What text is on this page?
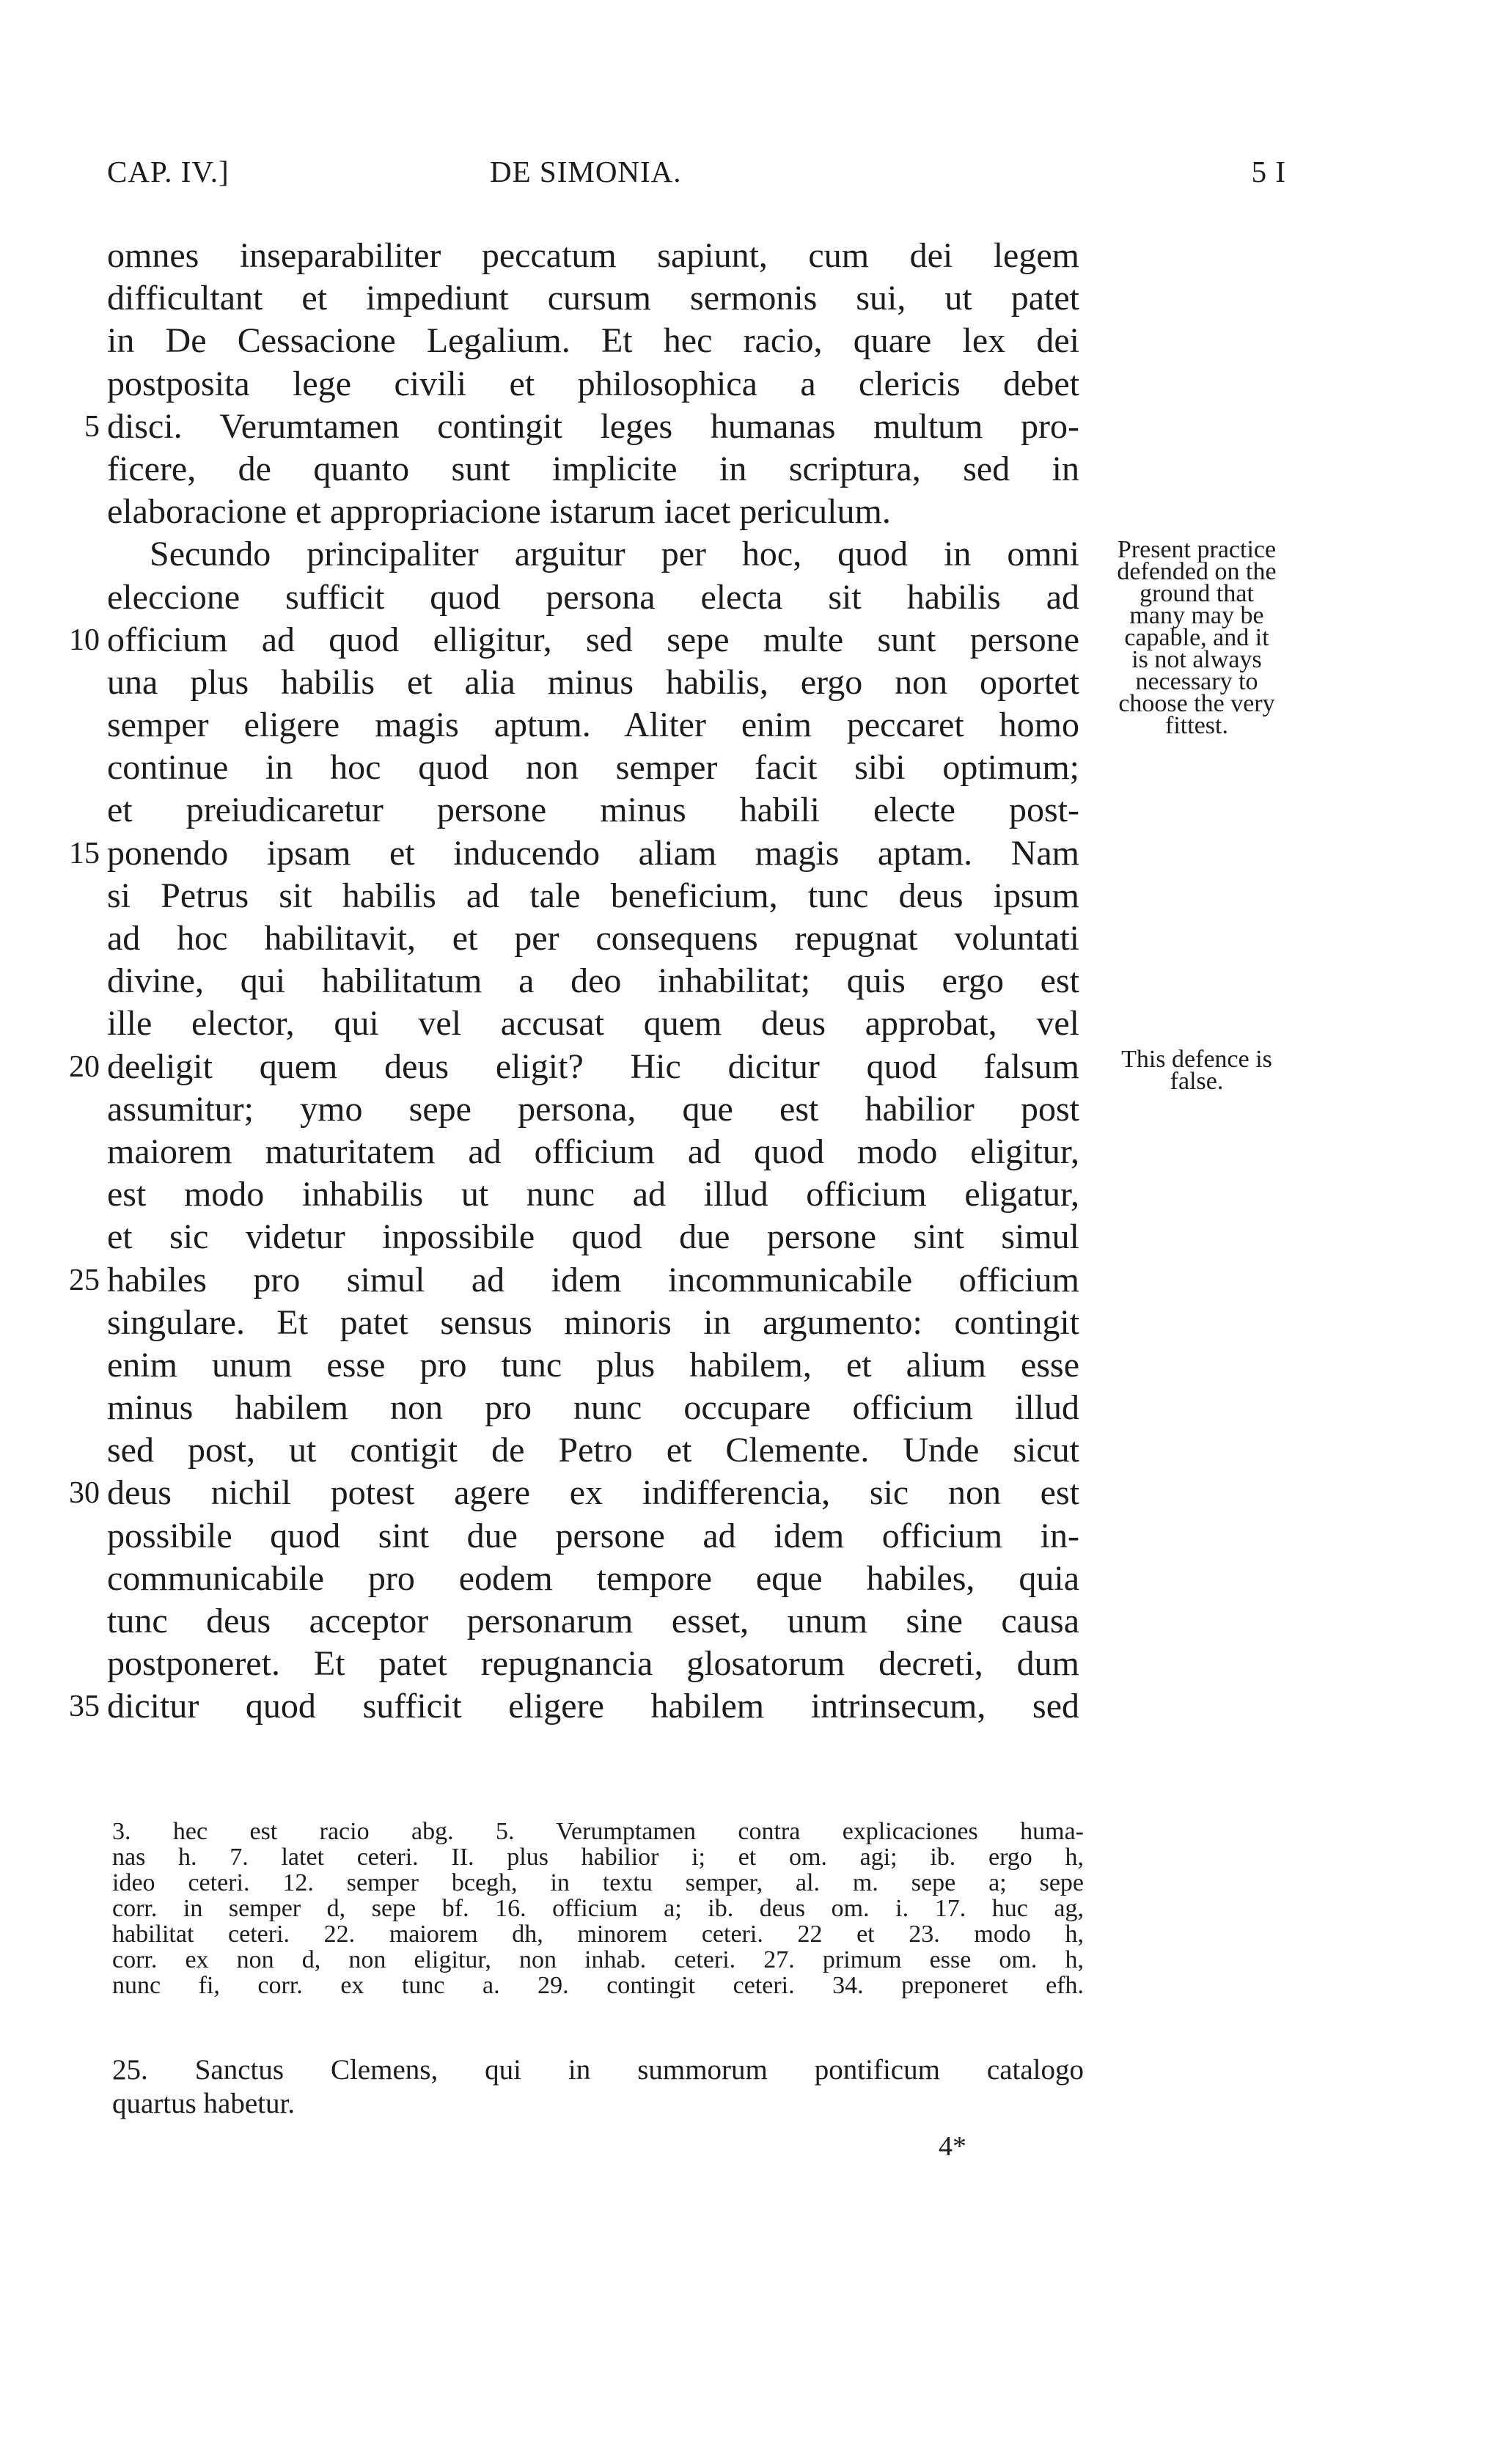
CAP. IV.]	DE SIMONIA.	5 I
omnes inseparabiliter peccatum sapiunt, cum dei legem
difficultant et impediunt cursum sermonis sui, ut patet
in De Cessacione Legalium. Et hec racio, quare lex dei
postposita lege civili et philosophica a clericis debet
5 disci. Verumtamen contingit leges humanas multum pro-
ficere, de quanto sunt implicite in scriptura, sed in
elaboracione et appropriacione istarum iacet periculum.
Secundo principaliter arguitur per hoc, quod in omni
eleccione sufficit quod persona electa sit habilis ad
10 officium ad quod elligitur, sed sepe multe sunt persone
una plus habilis et alia minus habilis, ergo non oportet
semper eligere magis aptum. Aliter enim peccaret homo
continue in hoc quod non semper facit sibi optimum;
et preiudicaretur persone minus habili electe post-
15 ponendo ipsam et inducendo aliam magis aptam. Nam
si Petrus sit habilis ad tale beneficium, tunc deus ipsum
ad hoc habilitavit, et per consequens repugnat voluntati
divine, qui habilitatum a deo inhabilitat; quis ergo est
ille elector, qui vel accusat quem deus approbat, vel
20 deeligit quem deus eligit? Hic dicitur quod falsum
assumitur; ymo sepe persona, que est habilior post
maiorem maturitatem ad officium ad quod modo eligitur,
est modo inhabilis ut nunc ad illud officium eligatur,
et sic videtur inpossibile quod due persone sint simul
25 habiles pro simul ad idem incommunicabile officium
singulare. Et patet sensus minoris in argumento: contingit
enim unum esse pro tunc plus habilem, et alium esse
minus habilem non pro nunc occupare officium illud
sed post, ut contigit de Petro et Clemente. Unde sicut
30 deus nichil potest agere ex indifferencia, sic non est
possibile quod sint due persone ad idem officium in-
communicabile pro eodem tempore eque habiles, quia
tunc deus acceptor personarum esset, unum sine causa
postponeret. Et patet repugnancia glosatorum decreti, dum
35 dicitur quod sufficit eligere habilem intrinsecum, sed
Present practice
defended on the
ground that
many may be
capable, and it
is not always
necessary to
choose the very
fittest.
This defence is
false.
3. hec est racio abg. 5. Verumptamen contra explicaciones huma-
nas h. 7. latet ceteri. II. plus habilior i; et om. agi; ib. ergo h,
ideo ceteri. 12. semper bcegh, in textu semper, al. m. sepe a; sepe
corr. in semper d, sepe bf. 16. officium a; ib. deus om. i. 17. huc ag,
habilitat ceteri. 22. maiorem dh, minorem ceteri. 22 et 23. modo h,
corr. ex non d, non eligitur, non inhab. ceteri. 27. primum esse om. h,
nunc fi, corr. ex tunc a. 29. contingit ceteri. 34. preponeret efh.
25. Sanctus Clemens, qui in summorum pontificum catalogo
quartus habetur.
4*
